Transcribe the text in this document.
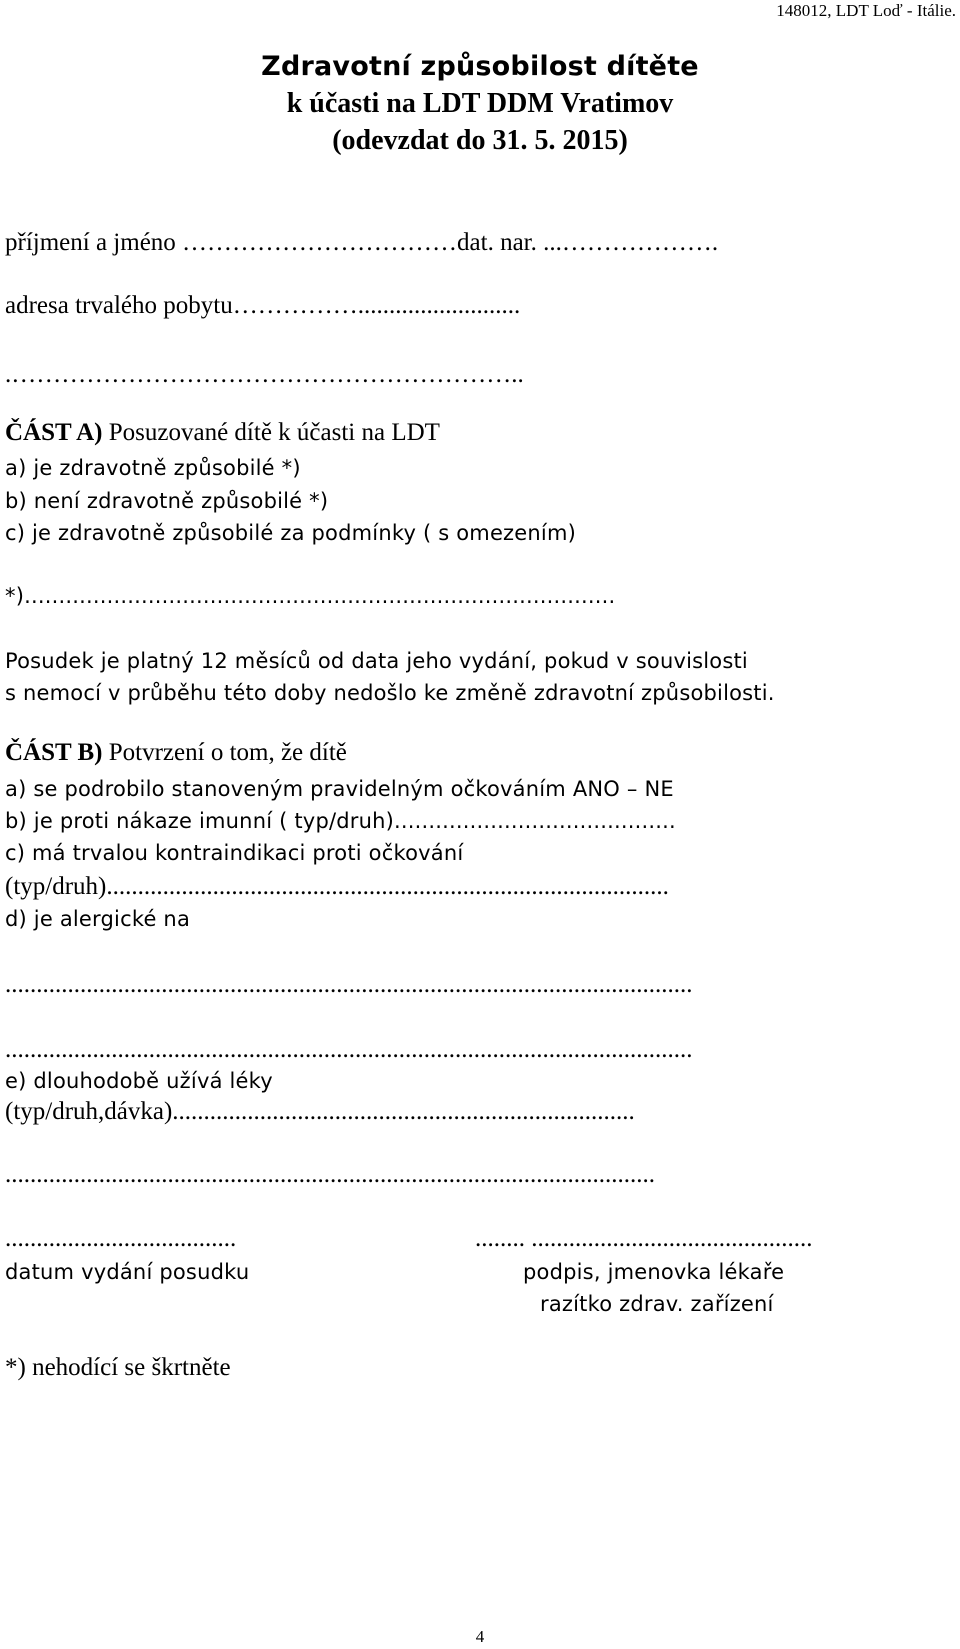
148012, LDT Loď - Itálie.
Zdravotní způsobilost dítěte
k účasti na LDT DDM Vratimov
(odevzdat do 31. 5. 2015)
příjmení a jméno ……………………………dat. nar. ...……………….
adresa trvalého pobytu……………..........................
.……………………………………………………..
ČÁST A) Posuzované dítě k účasti na LDT
a) je zdravotně způsobilé *)
b) není zdravotně způsobilé *)
c) je zdravotně způsobilé za podmínky ( s omezením)
*)......................................................................................
Posudek je platný 12 měsíců od data jeho vydání, pokud v souvislosti
s nemocí v průběhu této doby nedošlo ke změně zdravotní způsobilosti.
ČÁST B) Potvrzení o tom, že dítě
a) se podrobilo stanoveným pravidelným očkováním ANO – NE
b) je proti nákaze imunní ( typ/druh).........................................
c) má trvalou kontraindikaci proti očkování
(typ/druh)..........................................................................................
d) je alergické na
..............................................................................................................
..............................................................................................................
e) dlouhodobě užívá léky
(typ/druh,dávka)..........................................................................
........................................................................................................
.....................................	........ .............................................
datum vydání posudku	podpis, jmenovka lékaře
razítko zdrav. zařízení
*) nehodící se škrtněte
4
